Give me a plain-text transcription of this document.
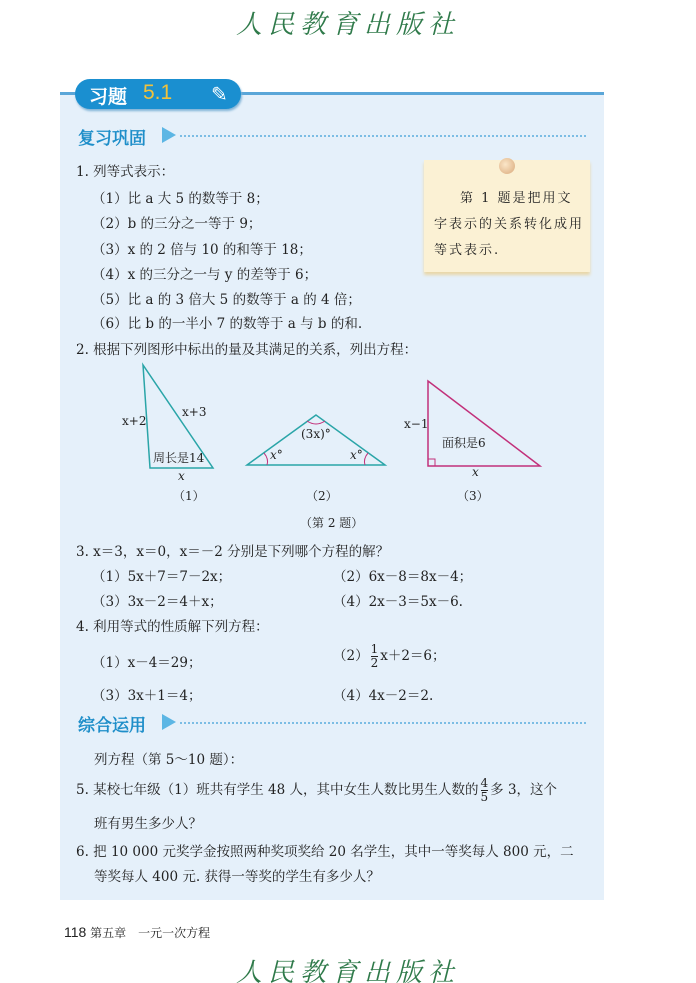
人民教育出版社
习题 5.1 ✎
复习巩固
1. 列等式表示：
（1）比 a 大 5 的数等于 8；
（2）b 的三分之一等于 9；
（3）x 的 2 倍与 10 的和等于 18；
（4）x 的三分之一与 y 的差等于 6；
（5）比 a 的 3 倍大 5 的数等于 a 的 4 倍；
（6）比 b 的一半小 7 的数等于 a 与 b 的和.
第 1 题是把用文字表示的关系转化成用等式表示.
2. 根据下列图形中标出的量及其满足的关系，列出方程：
x+2
x+3
周长是14
x
（1）
(3x)°
x°	x°
（2）
x−1
面积是6
x
（3）
（第 2 题）
3. x＝3，x＝0，x＝－2 分别是下列哪个方程的解？
（1）5x＋7＝7－2x；	（2）6x－8＝8x－4；
（3）3x－2＝4＋x；	（4）2x－3＝5x－6.
4. 利用等式的性质解下列方程：
（1）x－4＝29；	$(2) \frac{1}{2} x+2=6$；
（3）3x＋1＝4；	（4）4x－2＝2.
综合运用
列方程（第 5～10 题）：
5. 某校七年级（1）班共有学生 48 人，其中女生人数比男生人数的 $\frac{4}{5}$ 多 3，这个
班有男生多少人？
6. 把 10 000 元奖学金按照两种奖项奖给 20 名学生，其中一等奖每人 800 元，二
等奖每人 400 元. 获得一等奖的学生有多少人？
118 第五章　一元一次方程
人民教育出版社
